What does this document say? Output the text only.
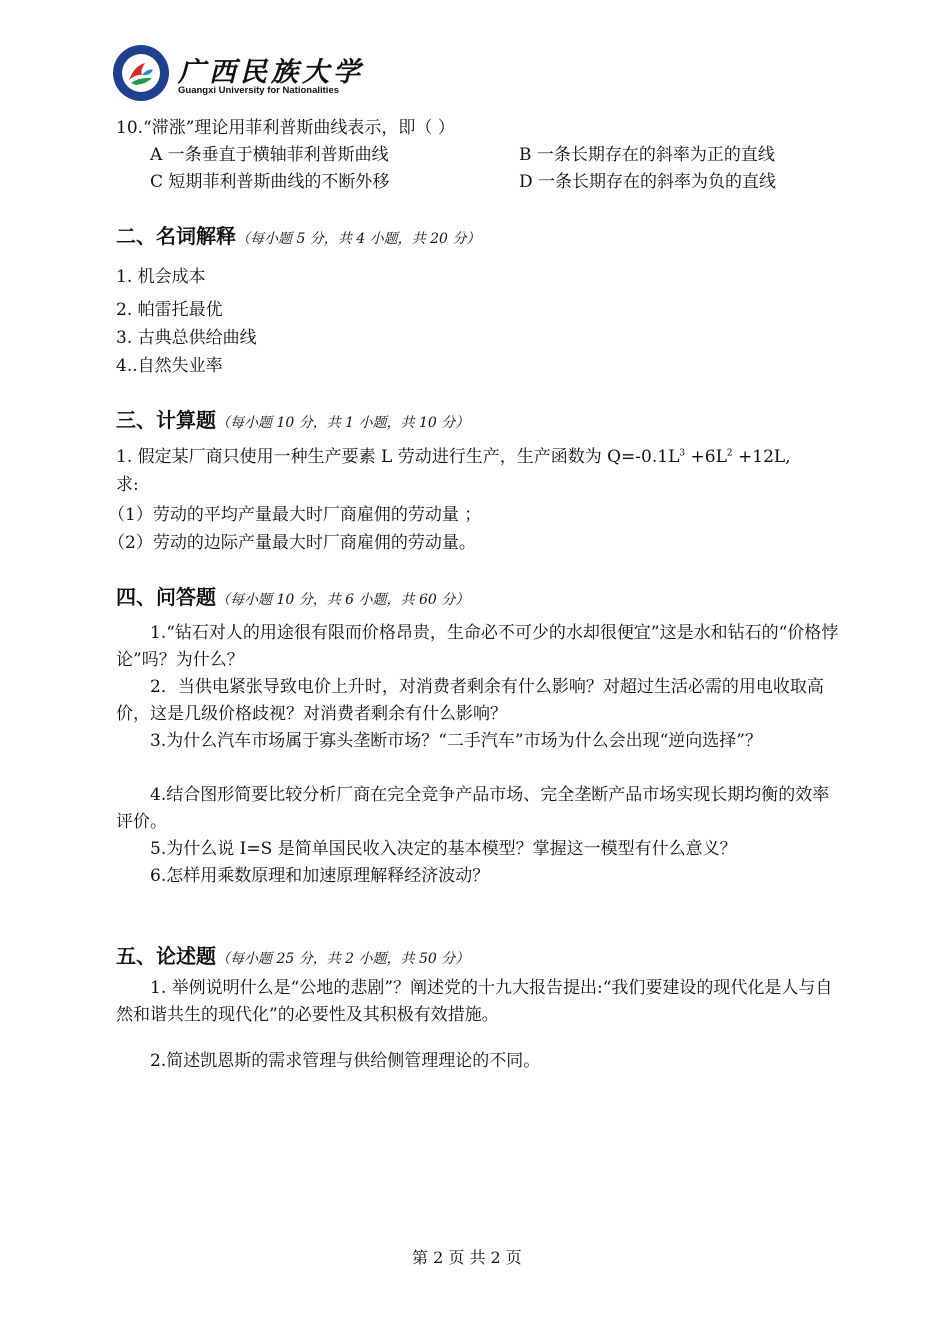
广西民族大学
Guangxi University for Nationalities
10.“滞涨”理论用菲利普斯曲线表示，即（ ）
A 一条垂直于横轴菲利普斯曲线	B 一条长期存在的斜率为正的直线
C 短期菲利普斯曲线的不断外移	D 一条长期存在的斜率为负的直线
二、名词解释（每小题 5 分，共 4 小题，共 20 分）
1. 机会成本
2. 帕雷托最优
3. 古典总供给曲线
4..自然失业率
三、计算题（每小题 10 分，共 1 小题，共 10 分）
1. 假定某厂商只使用一种生产要素 L 劳动进行生产，生产函数为 $Q=-0.1L^3 +6L^2 +12L$,
求:
（1）劳动的平均产量最大时厂商雇佣的劳动量 ；
（2）劳动的边际产量最大时厂商雇佣的劳动量。
四、问答题（每小题 10 分，共 6 小题，共 60 分）
1.“钻石对人的用途很有限而价格昂贵，生命必不可少的水却很便宜”这是水和钻石的“价格悖论”吗？为什么？
2．当供电紧张导致电价上升时，对消费者剩余有什么影响？对超过生活必需的用电收取高价，这是几级价格歧视？对消费者剩余有什么影响？
3.为什么汽车市场属于寡头垄断市场？“二手汽车”市场为什么会出现“逆向选择”？
4.结合图形简要比较分析厂商在完全竞争产品市场、完全垄断产品市场实现长期均衡的效率评价。
5.为什么说 I=S 是简单国民收入决定的基本模型？掌握这一模型有什么意义？
6.怎样用乘数原理和加速原理解释经济波动？
五、论述题（每小题 25 分，共 2 小题，共 50 分）
1. 举例说明什么是“公地的悲剧”？阐述党的十九大报告提出:“我们要建设的现代化是人与自然和谐共生的现代化”的必要性及其积极有效措施。
2.简述凯恩斯的需求管理与供给侧管理理论的不同。
第 2 页 共 2 页
